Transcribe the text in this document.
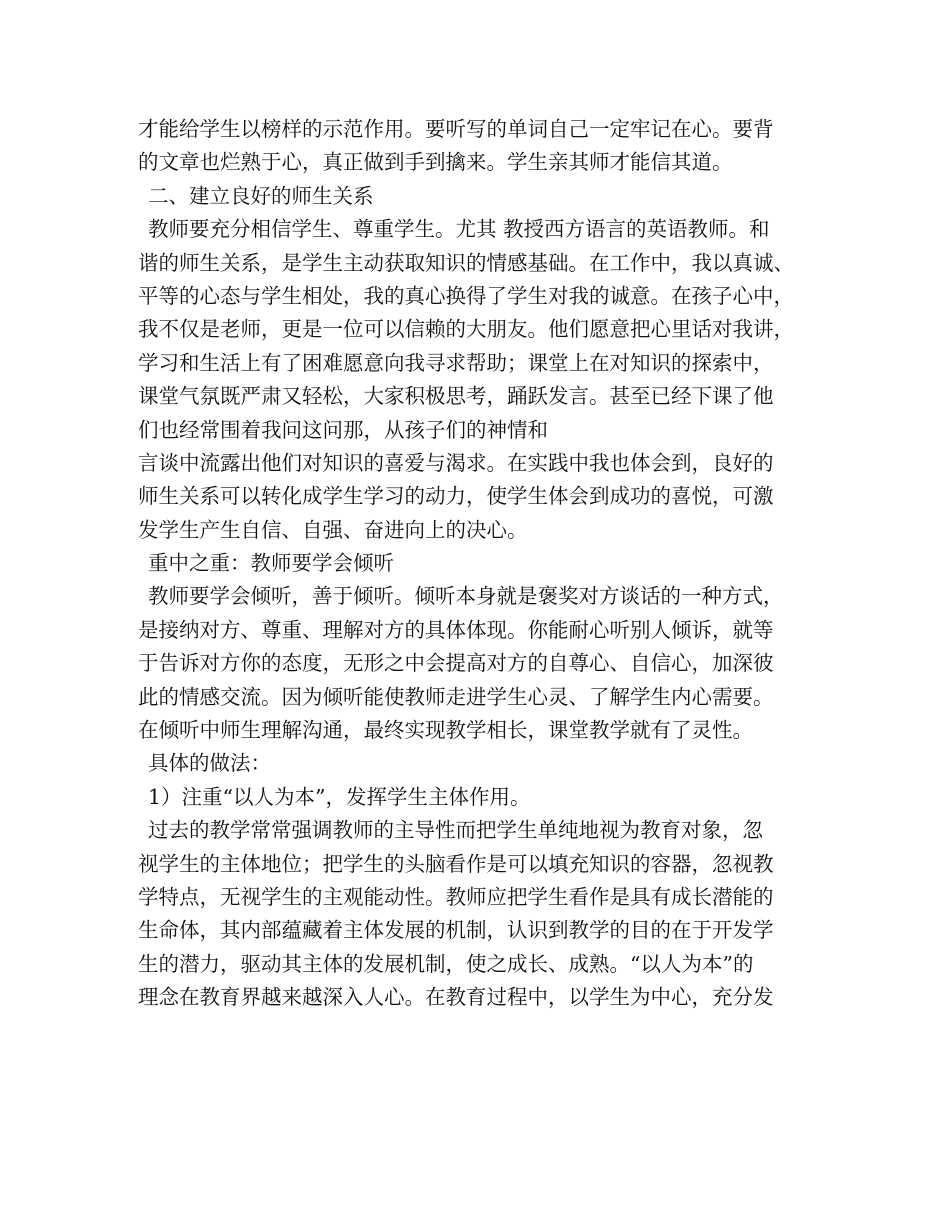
才能给学生以榜样的示范作用。要听写的单词自己一定牢记在心。要背
的文章也烂熟于心，真正做到手到擒来。学生亲其师才能信其道。
二、建立良好的师生关系
教师要充分相信学生、尊重学生。尤其 教授西方语言的英语教师。和
谐的师生关系，是学生主动获取知识的情感基础。在工作中，我以真诚、
平等的心态与学生相处，我的真心换得了学生对我的诚意。在孩子心中，
我不仅是老师，更是一位可以信赖的大朋友。他们愿意把心里话对我讲，
学习和生活上有了困难愿意向我寻求帮助；课堂上在对知识的探索中，
课堂气氛既严肃又轻松，大家积极思考，踊跃发言。甚至已经下课了他
们也经常围着我问这问那，从孩子们的神情和
言谈中流露出他们对知识的喜爱与渴求。在实践中我也体会到，良好的
师生关系可以转化成学生学习的动力，使学生体会到成功的喜悦，可激
发学生产生自信、自强、奋进向上的决心。
重中之重：教师要学会倾听
教师要学会倾听，善于倾听。倾听本身就是褒奖对方谈话的一种方式，
是接纳对方、尊重、理解对方的具体体现。你能耐心听别人倾诉，就等
于告诉对方你的态度，无形之中会提高对方的自尊心、自信心，加深彼
此的情感交流。因为倾听能使教师走进学生心灵、了解学生内心需要。
在倾听中师生理解沟通，最终实现教学相长，课堂教学就有了灵性。
具体的做法：
1）注重“以人为本”，发挥学生主体作用。
过去的教学常常强调教师的主导性而把学生单纯地视为教育对象，忽
视学生的主体地位；把学生的头脑看作是可以填充知识的容器，忽视教
学特点，无视学生的主观能动性。教师应把学生看作是具有成长潜能的
生命体，其内部蕴藏着主体发展的机制，认识到教学的目的在于开发学
生的潜力，驱动其主体的发展机制，使之成长、成熟。“以人为本”的
理念在教育界越来越深入人心。在教育过程中，以学生为中心，充分发
